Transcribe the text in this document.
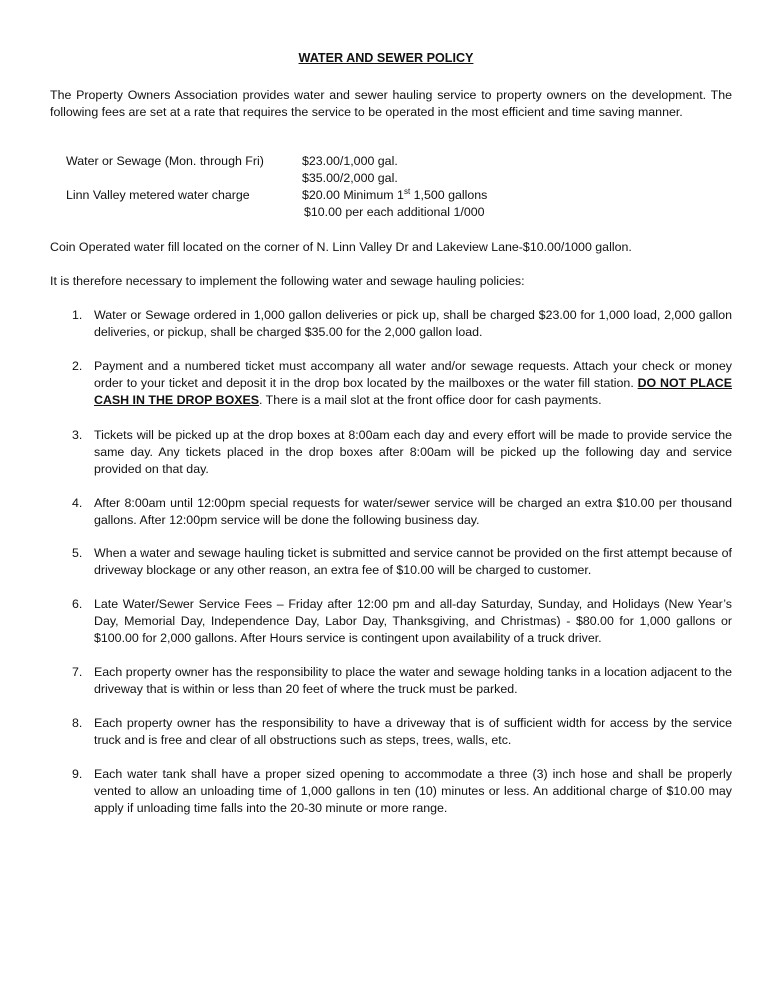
WATER AND SEWER POLICY
The Property Owners Association provides water and sewer hauling service to property owners on the development. The following fees are set at a rate that requires the service to be operated in the most efficient and time saving manner.
Water or Sewage (Mon. through Fri)	$23.00/1,000 gal.
$35.00/2,000 gal.
Linn Valley metered water charge	$20.00 Minimum 1st 1,500 gallons
$10.00 per each additional 1/000
Coin Operated water fill located on the corner of N. Linn Valley Dr and Lakeview Lane-$10.00/1000 gallon.
It is therefore necessary to implement the following water and sewage hauling policies:
1. Water or Sewage ordered in 1,000 gallon deliveries or pick up, shall be charged $23.00 for 1,000 load, 2,000 gallon deliveries, or pickup, shall be charged $35.00 for the 2,000 gallon load.
2. Payment and a numbered ticket must accompany all water and/or sewage requests. Attach your check or money order to your ticket and deposit it in the drop box located by the mailboxes or the water fill station. DO NOT PLACE CASH IN THE DROP BOXES. There is a mail slot at the front office door for cash payments.
3. Tickets will be picked up at the drop boxes at 8:00am each day and every effort will be made to provide service the same day. Any tickets placed in the drop boxes after 8:00am will be picked up the following day and service provided on that day.
4. After 8:00am until 12:00pm special requests for water/sewer service will be charged an extra $10.00 per thousand gallons. After 12:00pm service will be done the following business day.
5. When a water and sewage hauling ticket is submitted and service cannot be provided on the first attempt because of driveway blockage or any other reason, an extra fee of $10.00 will be charged to customer.
6. Late Water/Sewer Service Fees – Friday after 12:00 pm and all-day Saturday, Sunday, and Holidays (New Year’s Day, Memorial Day, Independence Day, Labor Day, Thanksgiving, and Christmas) - $80.00 for 1,000 gallons or $100.00 for 2,000 gallons. After Hours service is contingent upon availability of a truck driver.
7. Each property owner has the responsibility to place the water and sewage holding tanks in a location adjacent to the driveway that is within or less than 20 feet of where the truck must be parked.
8. Each property owner has the responsibility to have a driveway that is of sufficient width for access by the service truck and is free and clear of all obstructions such as steps, trees, walls, etc.
9. Each water tank shall have a proper sized opening to accommodate a three (3) inch hose and shall be properly vented to allow an unloading time of 1,000 gallons in ten (10) minutes or less. An additional charge of $10.00 may apply if unloading time falls into the 20-30 minute or more range.
